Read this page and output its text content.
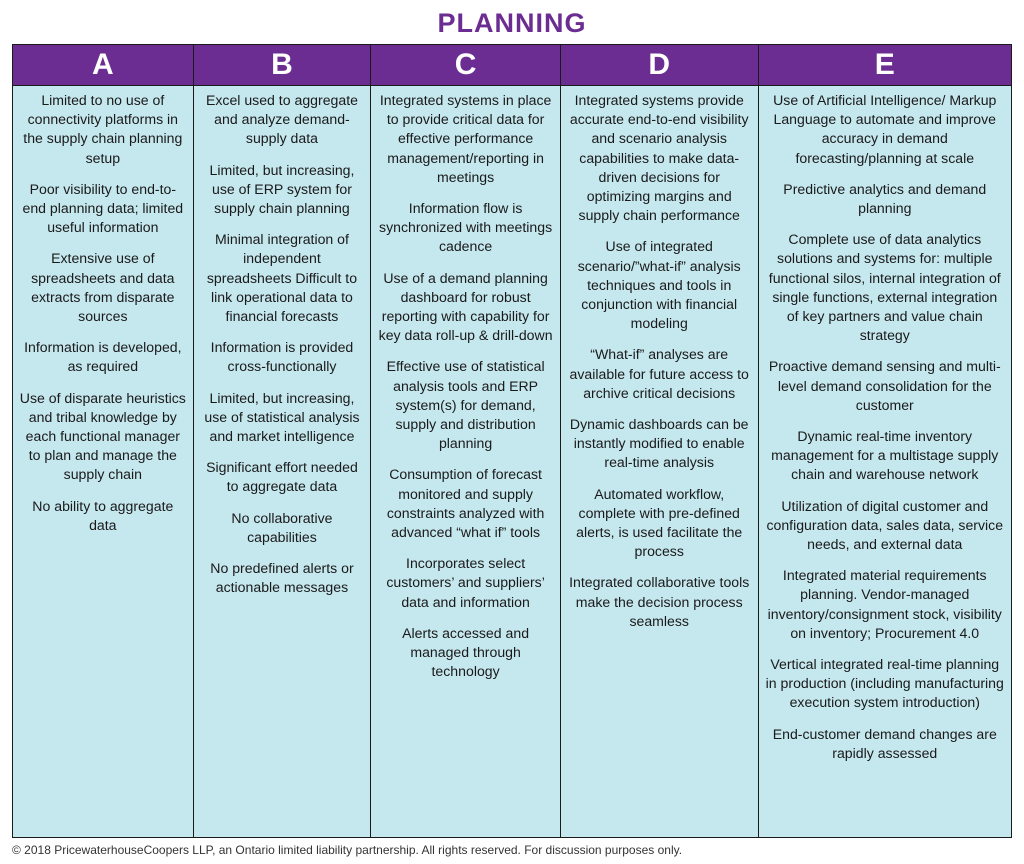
PLANNING
A
Limited to no use of connectivity platforms in the supply chain planning setup
Poor visibility to end-to-end planning data; limited useful information
Extensive use of spreadsheets and data extracts from disparate sources
Information is developed, as required
Use of disparate heuristics and tribal knowledge by each functional manager to plan and manage the supply chain
No ability to aggregate data
B
Excel used to aggregate and analyze demand-supply data
Limited, but increasing, use of ERP system for supply chain planning
Minimal integration of independent spreadsheets Difficult to link operational data to financial forecasts
Information is provided cross-functionally
Limited, but increasing, use of statistical analysis and market intelligence
Significant effort needed to aggregate data
No collaborative capabilities
No predefined alerts or actionable messages
C
Integrated systems in place to provide critical data for effective performance management/reporting in meetings
Information flow is synchronized with meetings cadence
Use of a demand planning dashboard for robust reporting with capability for key data roll-up & drill-down
Effective use of statistical analysis tools and ERP system(s) for demand, supply and distribution planning
Consumption of forecast monitored and supply constraints analyzed with advanced “what if” tools
Incorporates select customers’ and suppliers’ data and information
Alerts accessed and managed through technology
D
Integrated systems provide accurate end-to-end visibility and scenario analysis capabilities to make data-driven decisions for optimizing margins and supply chain performance
Use of integrated scenario/”what-if” analysis techniques and tools in conjunction with financial modeling
“What-if” analyses are available for future access to archive critical decisions
Dynamic dashboards can be instantly modified to enable real-time analysis
Automated workflow, complete with pre-defined alerts, is used facilitate the process
Integrated collaborative tools make the decision process seamless
E
Use of Artificial Intelligence/ Markup Language to automate and improve accuracy in demand forecasting/planning at scale
Predictive analytics and demand planning
Complete use of data analytics solutions and systems for: multiple functional silos, internal integration of single functions, external integration of key partners and value chain strategy
Proactive demand sensing and multi-level demand consolidation for the customer
Dynamic real-time inventory management for a multistage supply chain and warehouse network
Utilization of digital customer and configuration data, sales data, service needs, and external data
Integrated material requirements planning. Vendor-managed inventory/consignment stock, visibility on inventory; Procurement 4.0
Vertical integrated real-time planning in production (including manufacturing execution system introduction)
End-customer demand changes are rapidly assessed
© 2018 PricewaterhouseCoopers LLP, an Ontario limited liability partnership. All rights reserved. For discussion purposes only.
